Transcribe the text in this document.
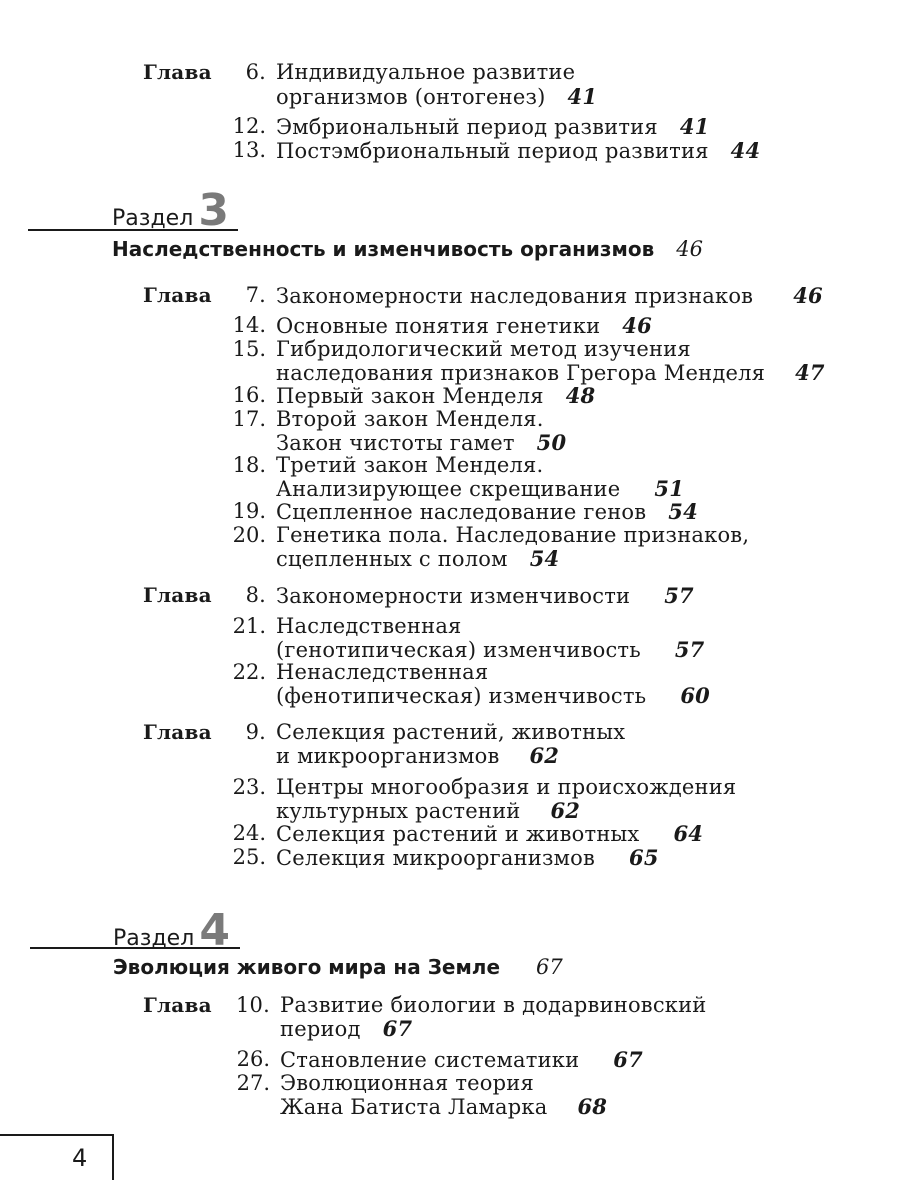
Глава	6. Индивидуальное развитие
организмов (онтогенез) 41
12. Эмбриональный период развития 41
13. Постэмбриональный период развития 44
Раздел 3
Наследственность и изменчивость организмов 46
Глава	7. Закономерности наследования признаков 46
14. Основные понятия генетики 46
15. Гибридологический метод изучения
наследования признаков Грегора Менделя 47
16. Первый закон Менделя 48
17. Второй закон Менделя.
Закон чистоты гамет 50
18. Третий закон Менделя.
Анализирующее скрещивание 51
19. Сцепленное наследование генов 54
20. Генетика пола. Наследование признаков,
сцепленных с полом 54
Глава	8. Закономерности изменчивости 57
21. Наследственная
(генотипическая) изменчивость 57
22. Ненаследственная
(фенотипическая) изменчивость 60
Глава	9. Селекция растений, животных
и микроорганизмов 62
23. Центры многообразия и происхождения
культурных растений 62
24. Селекция растений и животных 64
25. Селекция микроорганизмов 65
Раздел 4
Эволюция живого мира на Земле 67
Глава	10. Развитие биологии в додарвиновский
период 67
26. Становление систематики 67
27. Эволюционная теория
Жана Батиста Ламарка 68
4
